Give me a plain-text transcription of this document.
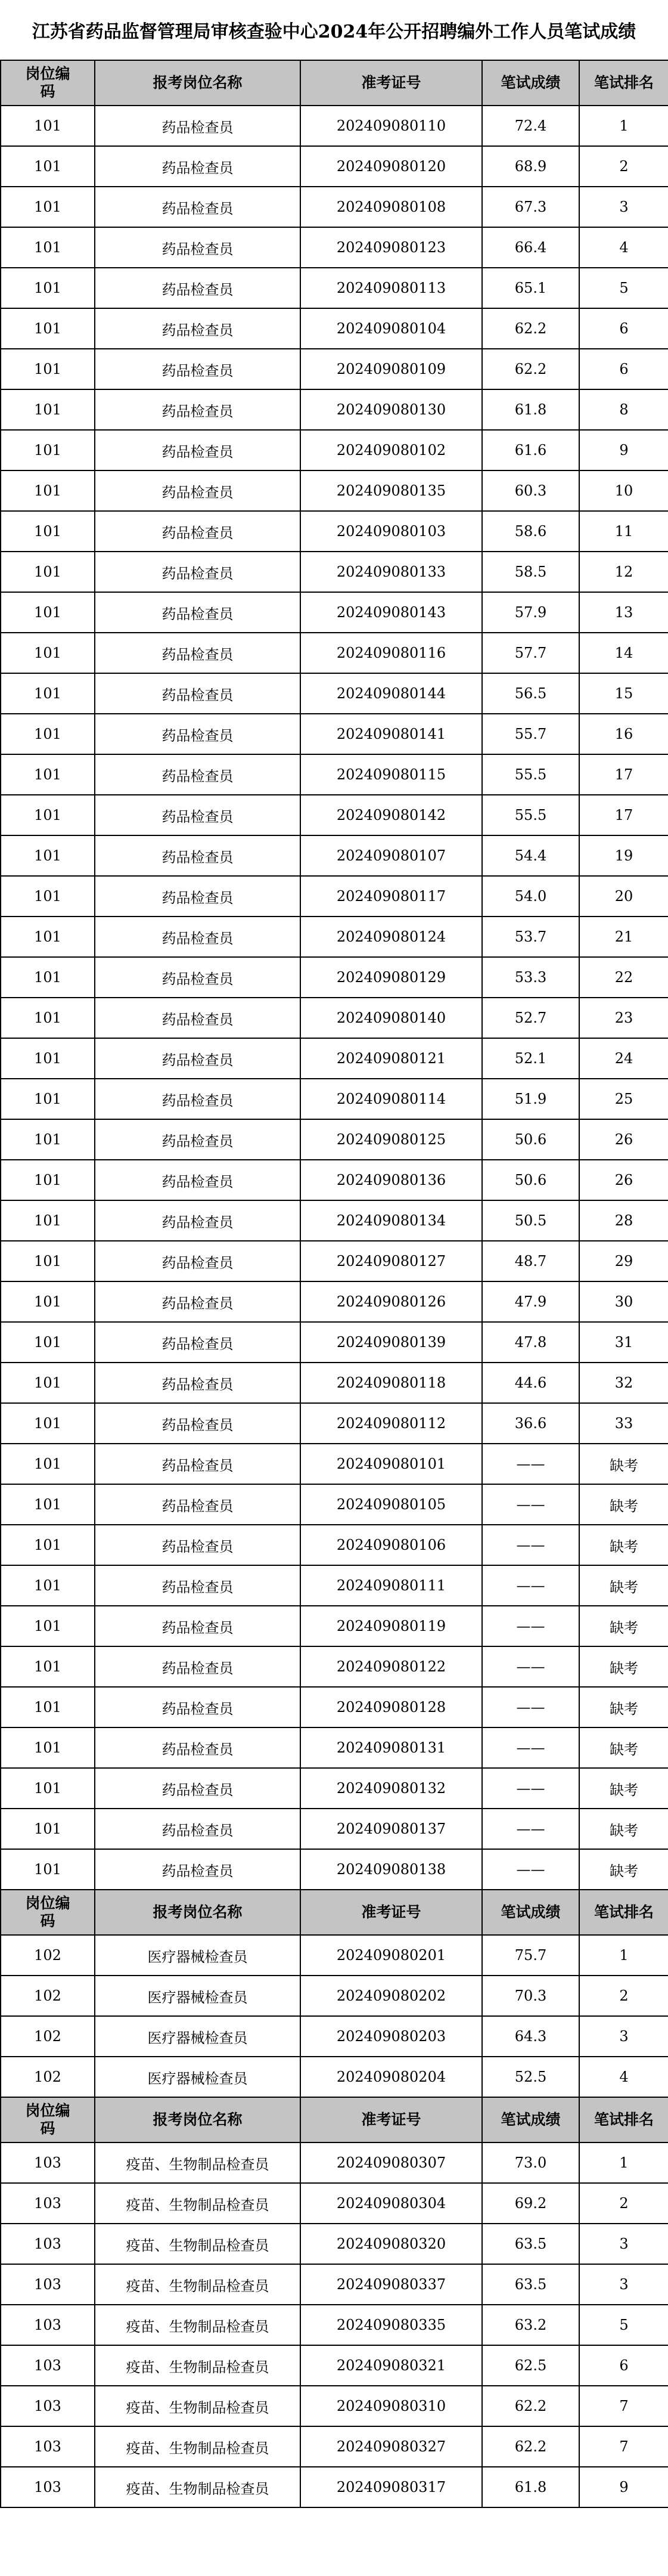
江苏省药品监督管理局审核查验中心2024年公开招聘编外工作人员笔试成绩
岗位编码	报考岗位名称	准考证号	笔试成绩	笔试排名
101	药品检查员	202409080110	72.4	1
101	药品检查员	202409080120	68.9	2
101	药品检查员	202409080108	67.3	3
101	药品检查员	202409080123	66.4	4
101	药品检查员	202409080113	65.1	5
101	药品检查员	202409080104	62.2	6
101	药品检查员	202409080109	62.2	6
101	药品检查员	202409080130	61.8	8
101	药品检查员	202409080102	61.6	9
101	药品检查员	202409080135	60.3	10
101	药品检查员	202409080103	58.6	11
101	药品检查员	202409080133	58.5	12
101	药品检查员	202409080143	57.9	13
101	药品检查员	202409080116	57.7	14
101	药品检查员	202409080144	56.5	15
101	药品检查员	202409080141	55.7	16
101	药品检查员	202409080115	55.5	17
101	药品检查员	202409080142	55.5	17
101	药品检查员	202409080107	54.4	19
101	药品检查员	202409080117	54.0	20
101	药品检查员	202409080124	53.7	21
101	药品检查员	202409080129	53.3	22
101	药品检查员	202409080140	52.7	23
101	药品检查员	202409080121	52.1	24
101	药品检查员	202409080114	51.9	25
101	药品检查员	202409080125	50.6	26
101	药品检查员	202409080136	50.6	26
101	药品检查员	202409080134	50.5	28
101	药品检查员	202409080127	48.7	29
101	药品检查员	202409080126	47.9	30
101	药品检查员	202409080139	47.8	31
101	药品检查员	202409080118	44.6	32
101	药品检查员	202409080112	36.6	33
101	药品检查员	202409080101	——	缺考
101	药品检查员	202409080105	——	缺考
101	药品检查员	202409080106	——	缺考
101	药品检查员	202409080111	——	缺考
101	药品检查员	202409080119	——	缺考
101	药品检查员	202409080122	——	缺考
101	药品检查员	202409080128	——	缺考
101	药品检查员	202409080131	——	缺考
101	药品检查员	202409080132	——	缺考
101	药品检查员	202409080137	——	缺考
101	药品检查员	202409080138	——	缺考
岗位编码	报考岗位名称	准考证号	笔试成绩	笔试排名
102	医疗器械检查员	202409080201	75.7	1
102	医疗器械检查员	202409080202	70.3	2
102	医疗器械检查员	202409080203	64.3	3
102	医疗器械检查员	202409080204	52.5	4
岗位编码	报考岗位名称	准考证号	笔试成绩	笔试排名
103	疫苗、生物制品检查员	202409080307	73.0	1
103	疫苗、生物制品检查员	202409080304	69.2	2
103	疫苗、生物制品检查员	202409080320	63.5	3
103	疫苗、生物制品检查员	202409080337	63.5	3
103	疫苗、生物制品检查员	202409080335	63.2	5
103	疫苗、生物制品检查员	202409080321	62.5	6
103	疫苗、生物制品检查员	202409080310	62.2	7
103	疫苗、生物制品检查员	202409080327	62.2	7
103	疫苗、生物制品检查员	202409080317	61.8	9
